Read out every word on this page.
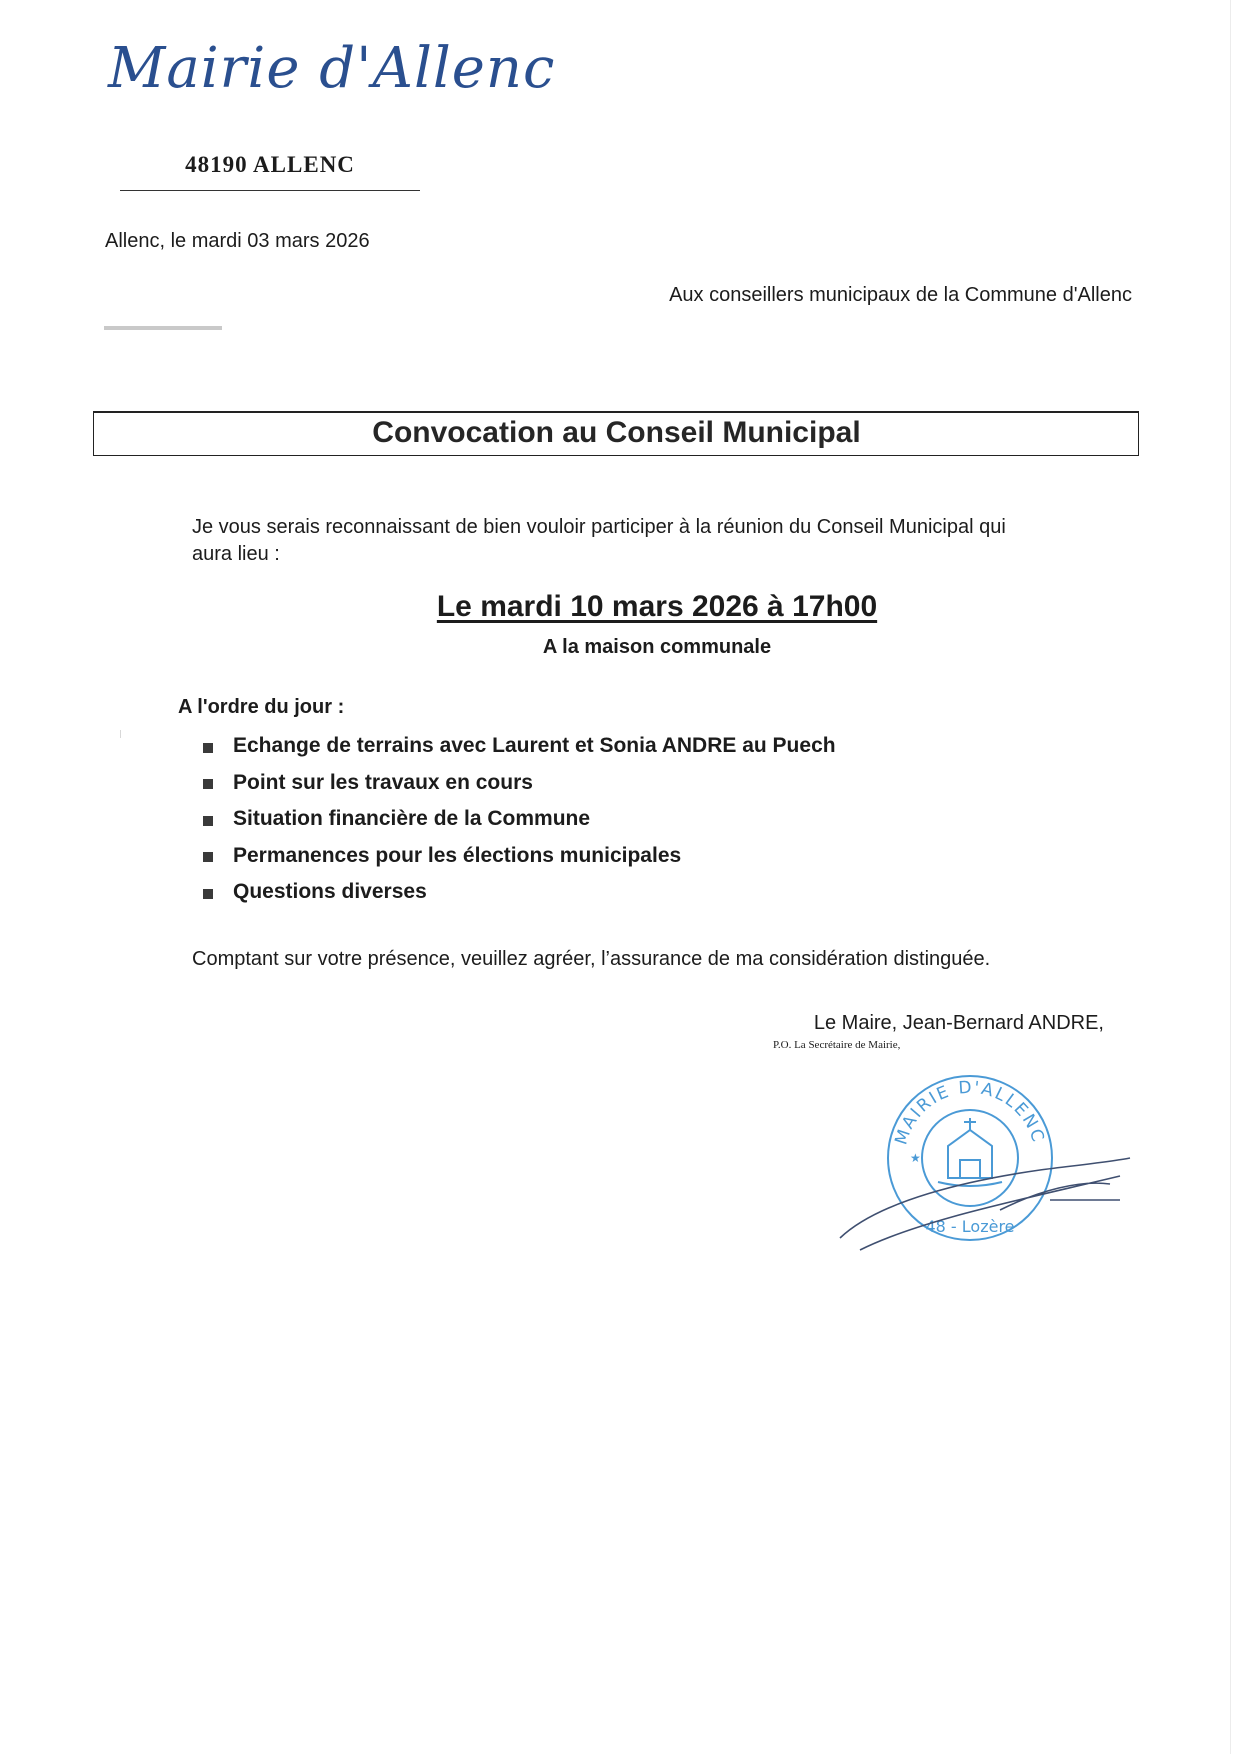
Mairie d'Allenc
48190 ALLENC
Allenc, le mardi 03 mars 2026
Aux conseillers municipaux de la Commune d'Allenc
Convocation au Conseil Municipal
Je vous serais reconnaissant de bien vouloir participer à la réunion du Conseil Municipal qui
aura lieu :
Le mardi 10 mars 2026 à 17h00
A la maison communale
A l'ordre du jour :
Echange de terrains avec Laurent et Sonia ANDRE au Puech
Point sur les travaux en cours
Situation financière de la Commune
Permanences pour les élections municipales
Questions diverses
Comptant sur votre présence, veuillez agréer, l’assurance de ma considération distinguée.
Le Maire, Jean-Bernard ANDRE,
P.O. La Secrétaire de Mairie,
MAIRIE D'ALLENC
48 - Lozère
★
